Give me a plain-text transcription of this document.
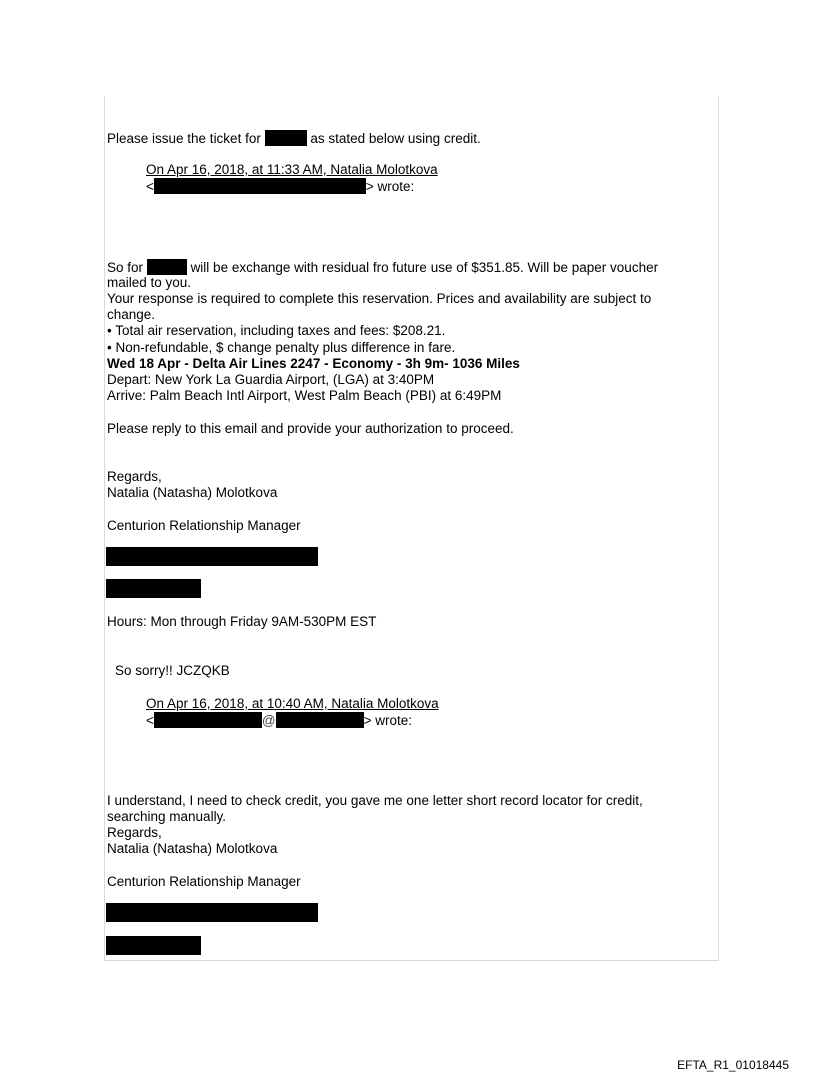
Please issue the ticket for	as stated below using credit.
On Apr 16, 2018, at 11:33 AM, Natalia Molotkova
<	> wrote:
So for	will be exchange with residual fro future use of $351.85. Will be paper voucher
mailed to you.
Your response is required to complete this reservation. Prices and availability are subject to
change.
• Total air reservation, including taxes and fees: $208.21.
• Non-refundable, $ change penalty plus difference in fare.
Wed 18 Apr - Delta Air Lines 2247 - Economy - 3h 9m- 1036 Miles
Depart: New York La Guardia Airport, (LGA) at 3:40PM
Arrive: Palm Beach Intl Airport, West Palm Beach (PBI) at 6:49PM
Please reply to this email and provide your authorization to proceed.
Regards,
Natalia (Natasha) Molotkova
Centurion Relationship Manager
Hours: Mon through Friday 9AM-530PM EST
So sorry!! JCZQKB
On Apr 16, 2018, at 10:40 AM, Natalia Molotkova
<	@	> wrote:
I understand, I need to check credit, you gave me one letter short record locator for credit,
searching manually.
Regards,
Natalia (Natasha) Molotkova
Centurion Relationship Manager
EFTA_R1_01018445
